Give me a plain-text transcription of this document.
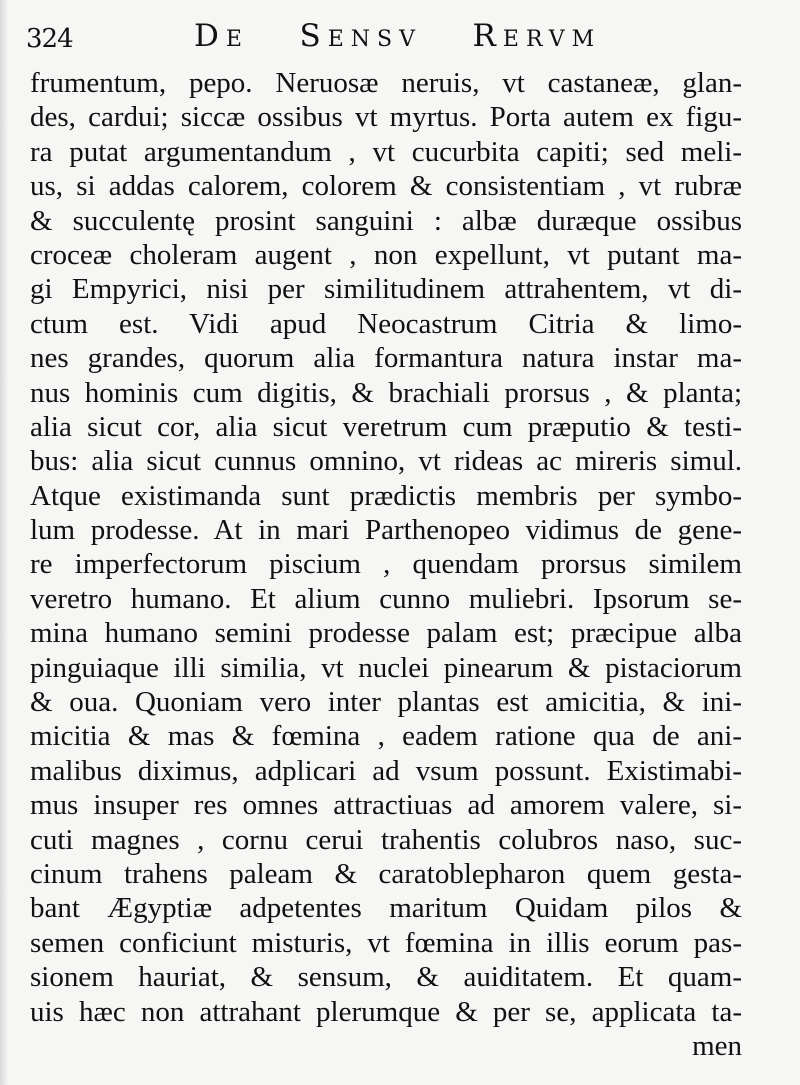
324	De   Sensv   Rervm
frumentum, pepo. Neruosæ neruis, vt castaneæ, glan-
des, cardui; siccæ ossibus vt myrtus. Porta autem ex figu-
ra putat argumentandum , vt cucurbita capiti; sed meli-
us, si addas calorem, colorem & consistentiam , vt rubræ
& succulentę prosint sanguini : albæ duræque ossibus
croceæ choleram augent , non expellunt, vt putant ma-
gi Empyrici, nisi per similitudinem attrahentem, vt di-
ctum est. Vidi apud Neocastrum Citria & limo-
nes grandes, quorum alia formantura natura instar ma-
nus hominis cum digitis, & brachiali prorsus , & planta;
alia sicut cor, alia sicut veretrum cum præputio & testi-
bus: alia sicut cunnus omnino, vt rideas ac mireris simul.
Atque existimanda sunt prædictis membris per symbo-
lum prodesse. At in mari Parthenopeo vidimus de gene-
re imperfectorum piscium , quendam prorsus similem
veretro humano. Et alium cunno muliebri. Ipsorum se-
mina humano semini prodesse palam est; præcipue alba
pinguiaque illi similia, vt nuclei pinearum & pistaciorum
& oua. Quoniam vero inter plantas est amicitia, & ini-
micitia & mas & fœmina , eadem ratione qua de ani-
malibus diximus, adplicari ad vsum possunt. Existimabi-
mus insuper res omnes attractiuas ad amorem valere, si-
cuti magnes , cornu cerui trahentis colubros naso, suc-
cinum trahens paleam & caratoblepharon quem gesta-
bant Ægyptiæ adpetentes maritum Quidam pilos &
semen conficiunt misturis, vt fœmina in illis eorum pas-
sionem hauriat, & sensum, & auiditatem. Et quam-
uis hæc non attrahant plerumque & per se, applicata ta-
men
